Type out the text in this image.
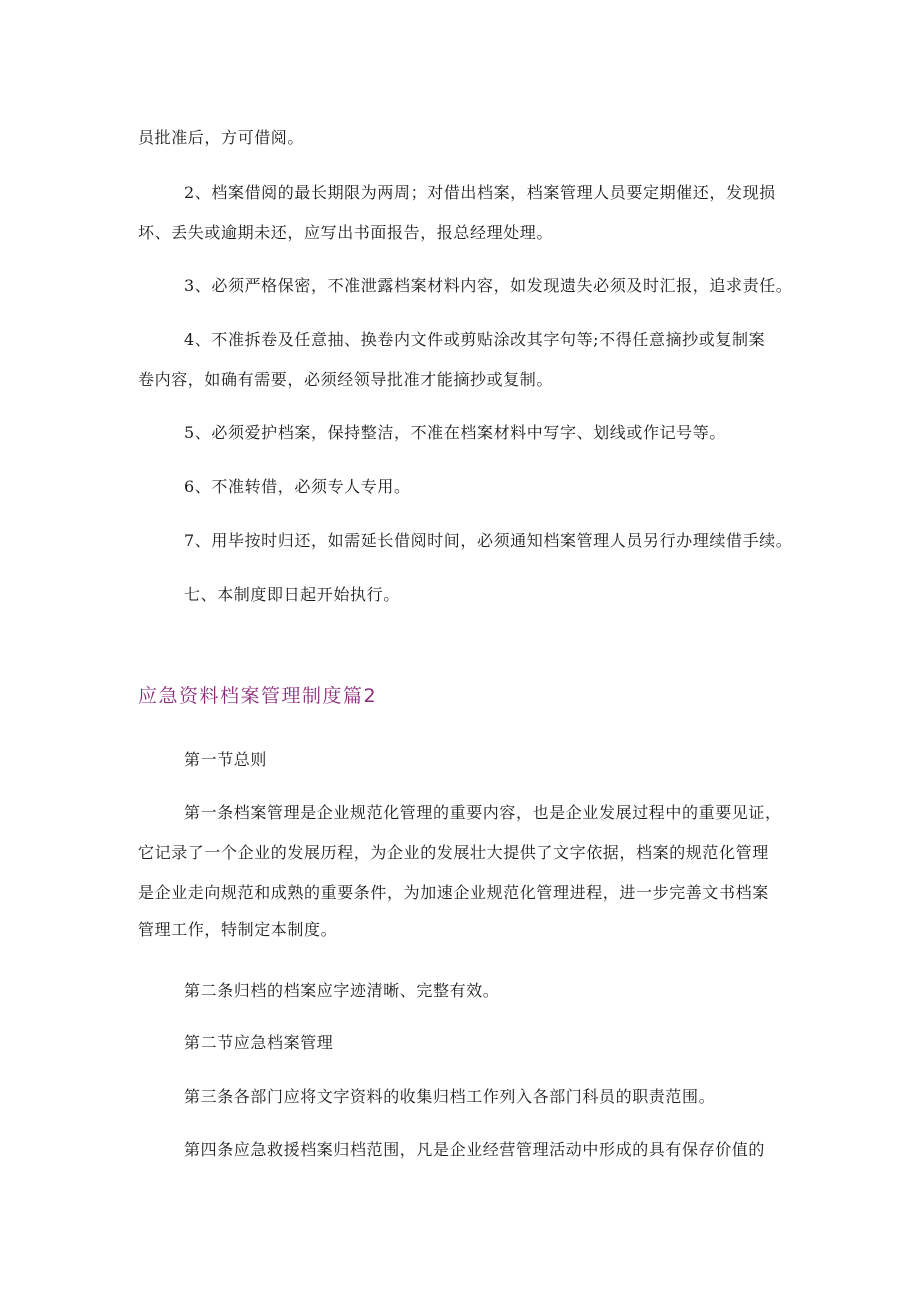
员批准后，方可借阅。
2、档案借阅的最长期限为两周；对借出档案，档案管理人员要定期催还，发现损
坏、丢失或逾期未还，应写出书面报告，报总经理处理。
3、必须严格保密，不准泄露档案材料内容，如发现遗失必须及时汇报，追求责任。
4、不准拆卷及任意抽、换卷内文件或剪贴涂改其字句等;不得任意摘抄或复制案
卷内容，如确有需要，必须经领导批准才能摘抄或复制。
5、必须爱护档案，保持整洁，不准在档案材料中写字、划线或作记号等。
6、不准转借，必须专人专用。
7、用毕按时归还，如需延长借阅时间，必须通知档案管理人员另行办理续借手续。
七、本制度即日起开始执行。
应急资料档案管理制度篇2
第一节总则
第一条档案管理是企业规范化管理的重要内容，也是企业发展过程中的重要见证，
它记录了一个企业的发展历程，为企业的发展壮大提供了文字依据，档案的规范化管理
是企业走向规范和成熟的重要条件，为加速企业规范化管理进程，进一步完善文书档案
管理工作，特制定本制度。
第二条归档的档案应字迹清晰、完整有效。
第二节应急档案管理
第三条各部门应将文字资料的收集归档工作列入各部门科员的职责范围。
第四条应急救援档案归档范围，凡是企业经营管理活动中形成的具有保存价值的
